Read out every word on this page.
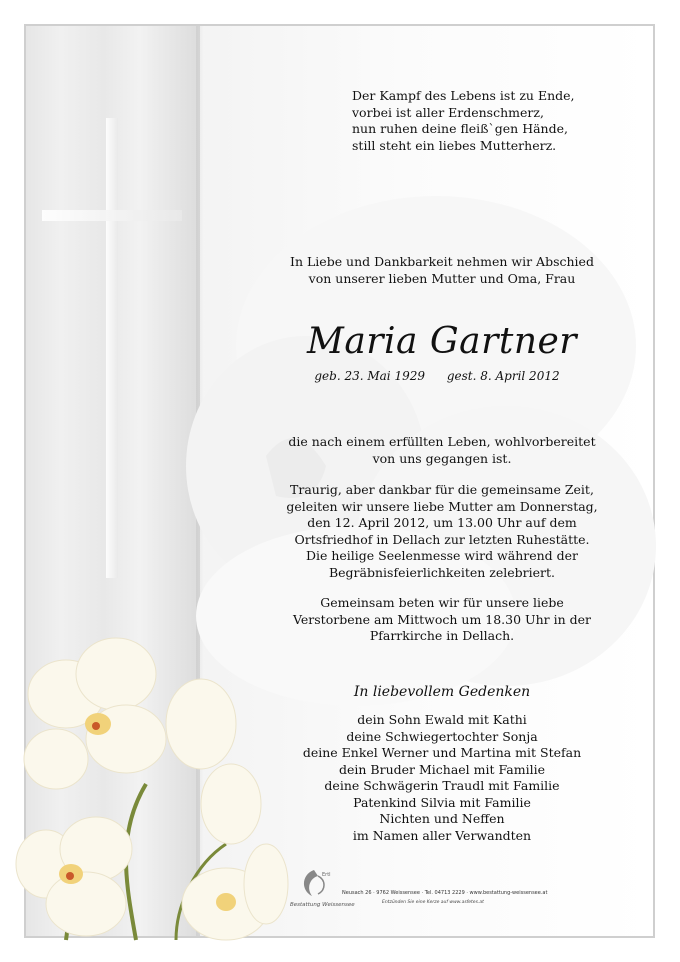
Der Kampf des Lebens ist zu Ende,
vorbei ist aller Erdenschmerz,
nun ruhen deine fleiß`gen Hände,
still steht ein liebes Mutterherz.
In Liebe und Dankbarkeit nehmen wir Abschied
von unserer lieben Mutter und Oma, Frau
Maria Gartner
geb. 23. Mai 1929 gest. 8. April 2012
die nach einem erfüllten Leben, wohlvorbereitet
von uns gegangen ist.
Traurig, aber dankbar für die gemeinsame Zeit,
geleiten wir unsere liebe Mutter am Donnerstag,
den 12. April 2012, um 13.00 Uhr auf dem
Ortsfriedhof in Dellach zur letzten Ruhestätte.
Die heilige Seelenmesse wird während der
Begräbnisfeierlichkeiten zelebriert.
Gemeinsam beten wir für unsere liebe
Verstorbene am Mittwoch um 18.30 Uhr in der
Pfarrkirche in Dellach.
In liebevollem Gedenken
dein Sohn Ewald mit Kathi
deine Schwiegertochter Sonja
deine Enkel Werner und Martina mit Stefan
dein Bruder Michael mit Familie
deine Schwägerin Traudl mit Familie
Patenkind Silvia mit Familie
Nichten und Neffen
im Namen aller Verwandten
Ertl
Bestattung Weissensee
Neusach 26 · 9762 Weissensee · Tel. 04713 2229 · www.bestattung-weissensee.at
Entzünden Sie eine Kerze auf www.asfetes.at
